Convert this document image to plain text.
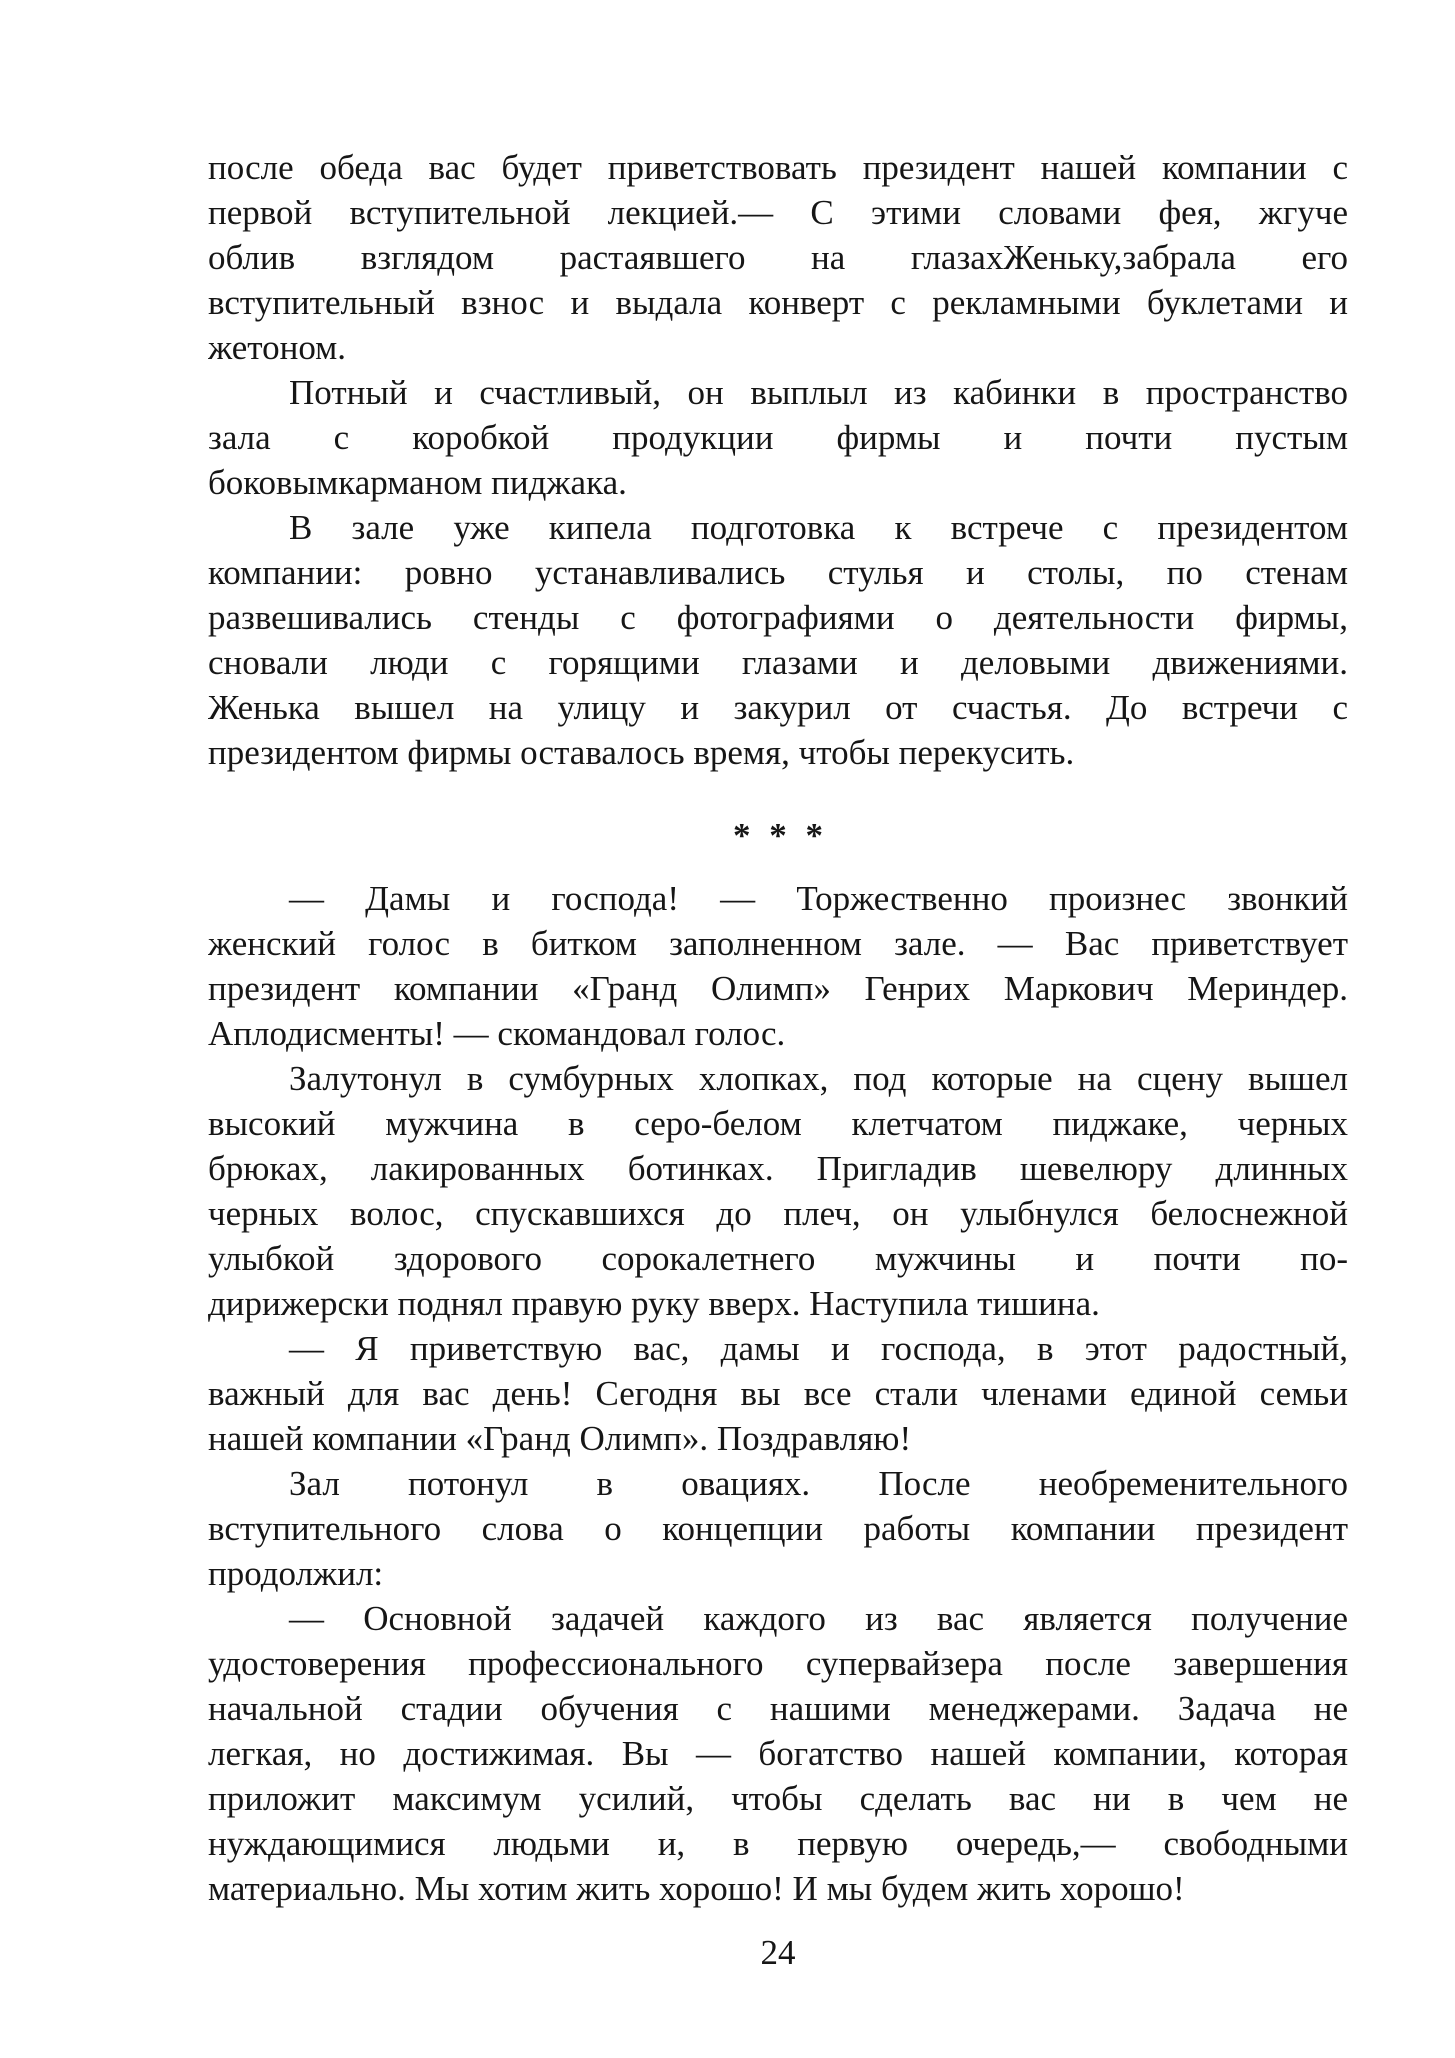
после обеда вас будет приветствовать президент нашей компании с
первой вступительной лекцией.— С этими словами фея, жгуче
облив взглядом растаявшего на глазахЖеньку,забрала его
вступительный взнос и выдала конверт с рекламными буклетами и
жетоном.
Потный и счастливый, он выплыл из кабинки в пространство
зала с коробкой продукции фирмы и почти пустым
боковымкарманом пиджака.
В зале уже кипела подготовка к встрече с президентом
компании: ровно устанавливались стулья и столы, по стенам
развешивались стенды с фотографиями о деятельности фирмы,
сновали люди с горящими глазами и деловыми движениями.
Женька вышел на улицу и закурил от счастья. До встречи с
президентом фирмы оставалось время, чтобы перекусить.
* * *
— Дамы и господа! — Торжественно произнес звонкий
женский голос в битком заполненном зале. — Вас приветствует
президент компании «Гранд Олимп» Генрих Маркович Мериндер.
Аплодисменты! — скомандовал голос.
Залутонул в сумбурных хлопках, под которые на сцену вышел
высокий мужчина в серо-белом клетчатом пиджаке, черных
брюках, лакированных ботинках. Пригладив шевелюру длинных
черных волос, спускавшихся до плеч, он улыбнулся белоснежной
улыбкой здорового сорокалетнего мужчины и почти по-
дирижерски поднял правую руку вверх. Наступила тишина.
— Я приветствую вас, дамы и господа, в этот радостный,
важный для вас день! Сегодня вы все стали членами единой семьи
нашей компании «Гранд Олимп». Поздравляю!
Зал потонул в овациях. После необременительного
вступительного слова о концепции работы компании президент
продолжил:
— Основной задачей каждого из вас является получение
удостоверения профессионального супервайзера после завершения
начальной стадии обучения с нашими менеджерами. Задача не
легкая, но достижимая. Вы — богатство нашей компании, которая
приложит максимум усилий, чтобы сделать вас ни в чем не
нуждающимися людьми и, в первую очередь,— свободными
материально. Мы хотим жить хорошо! И мы будем жить хорошо!
24
